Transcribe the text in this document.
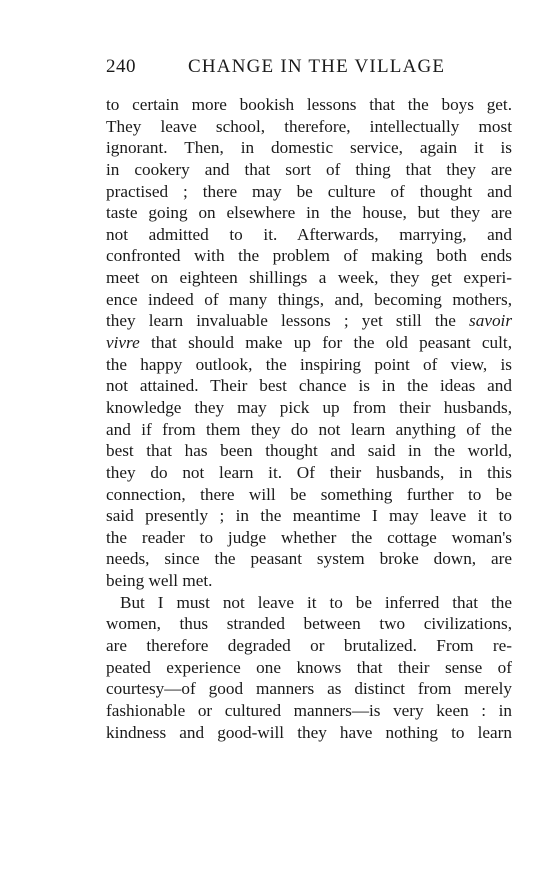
240	CHANGE IN THE VILLAGE
to certain more bookish lessons that the boys get.
They leave school, therefore, intellectually most
ignorant. Then, in domestic service, again it is
in cookery and that sort of thing that they are
practised ; there may be culture of thought and
taste going on elsewhere in the house, but they are
not admitted to it. Afterwards, marrying, and
confronted with the problem of making both ends
meet on eighteen shillings a week, they get experi-
ence indeed of many things, and, becoming mothers,
they learn invaluable lessons ; yet still the savoir
vivre that should make up for the old peasant cult,
the happy outlook, the inspiring point of view, is
not attained. Their best chance is in the ideas and
knowledge they may pick up from their husbands,
and if from them they do not learn anything of the
best that has been thought and said in the world,
they do not learn it. Of their husbands, in this
connection, there will be something further to be
said presently ; in the meantime I may leave it to
the reader to judge whether the cottage woman's
needs, since the peasant system broke down, are
being well met.
But I must not leave it to be inferred that the
women, thus stranded between two civilizations,
are therefore degraded or brutalized. From re-
peated experience one knows that their sense of
courtesy—of good manners as distinct from merely
fashionable or cultured manners—is very keen : in
kindness and good-will they have nothing to learn
